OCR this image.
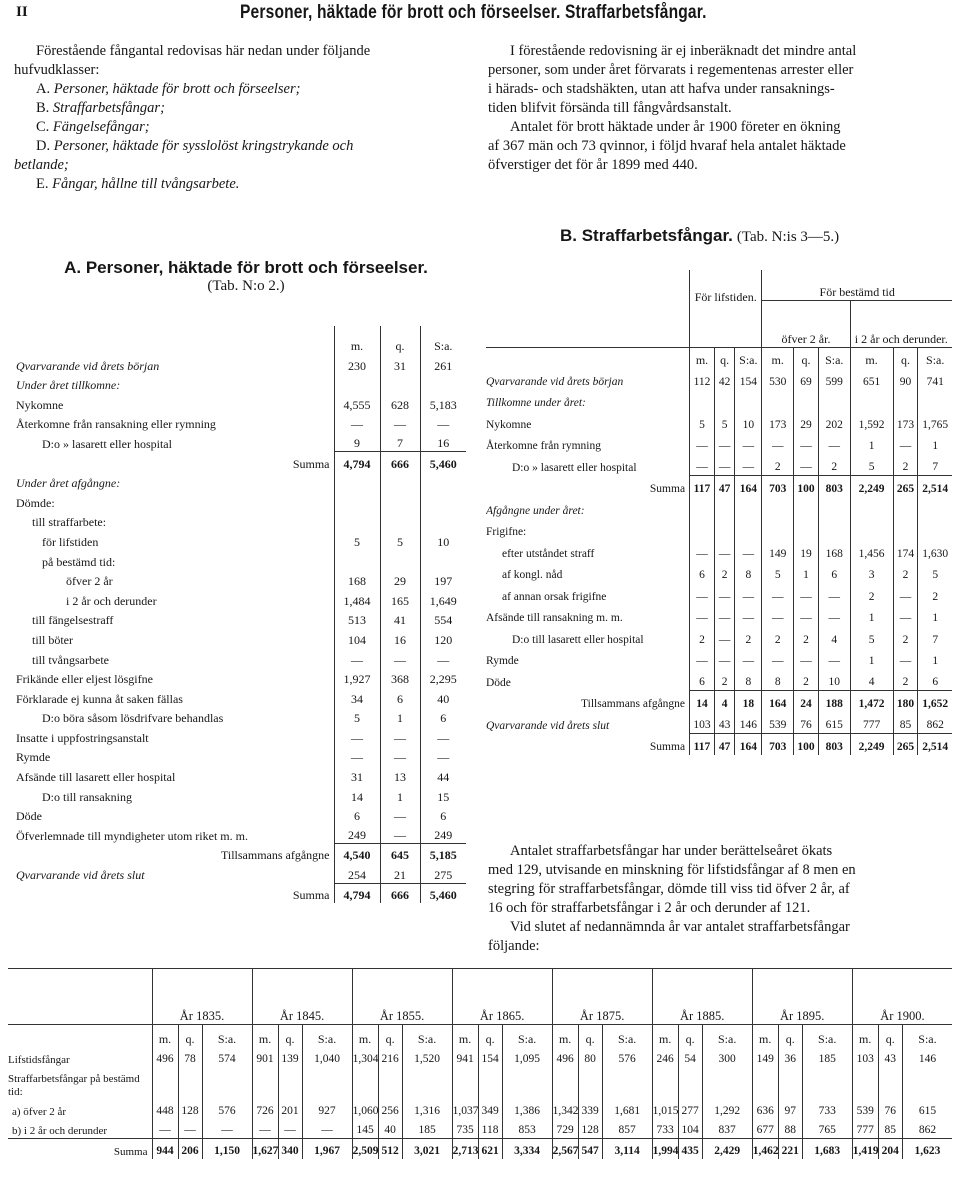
II	Personer, häktade för brott och förseelser. Straffarbetsfångar.
Förestående fångantal redovisas här nedan under följande
hufvudklasser:
A. Personer, häktade för brott och förseelser;
B. Straffarbetsfångar;
C. Fängelsefångar;
D. Personer, häktade för sysslolöst kringstrykande och
betlande;
E. Fångar, hållne till tvångsarbete.
I förestående redovisning är ej inberäknadt det mindre antal
personer, som under året förvarats i regementenas arrester eller
i härads- och stadshäkten, utan att hafva under ransaknings-
tiden blifvit försända till fångvårdsanstalt.
Antalet för brott häktade under år 1900 företer en ökning
af 367 män och 73 qvinnor, i följd hvaraf hela antalet häktade
öfverstiger det för år 1899 med 440.
A. Personer, häktade för brott och förseelser.
(Tab. N:o 2.)
B. Straffarbetsfångar. (Tab. N:is 3—5.)
	m.	q.	S:a.
Qvarvarande vid årets början	230	31	261
Under året tillkomne:			
Nykomne	4,555	628	5,183
Återkomne från ransakning eller rymning	—	—	—
D:o » lasarett eller hospital	9	7	16
Summa	4,794	666	5,460
Under året afgångne:			
Dömde:			
till straffarbete:			
för lifstiden	5	5	10
på bestämd tid:			
öfver 2 år	168	29	197
i 2 år och derunder	1,484	165	1,649
till fängelsestraff	513	41	554
till böter	104	16	120
till tvångsarbete	—	—	—
Frikände eller eljest lösgifne	1,927	368	2,295
Förklarade ej kunna åt saken fällas	34	6	40
D:o böra såsom lösdrifvare behandlas	5	1	6
Insatte i uppfostringsanstalt	—	—	—
Rymde	—	—	—
Afsände till lasarett eller hospital	31	13	44
D:o till ransakning	14	1	15
Döde	6	—	6
Öfverlemnade till myndigheter utom riket m. m.	249	—	249
Tillsammans afgångne	4,540	645	5,185
Qvarvarande vid årets slut	254	21	275
Summa	4,794	666	5,460
	För lifstiden.			För bestämd tid					
				öfver 2 år.			i 2 år och derunder.		
	m.	q.	S:a.	m.	q.	S:a.	m.	q.	S:a.
Qvarvarande vid årets början	112	42	154	530	69	599	651	90	741
Tillkomne under året:									
Nykomne	5	5	10	173	29	202	1,592	173	1,765
Återkomne från rymning	—	—	—	—	—	—	1	—	1
D:o » lasarett eller hospital	—	—	—	2	—	2	5	2	7
Summa	117	47	164	703	100	803	2,249	265	2,514
Afgångne under året:									
Frigifne:									
efter utståndet straff	—	—	—	149	19	168	1,456	174	1,630
af kongl. nåd	6	2	8	5	1	6	3	2	5
af annan orsak frigifne	—	—	—	—	—	—	2	—	2
Afsände till ransakning m. m.	—	—	—	—	—	—	1	—	1
D:o till lasarett eller hospital	2	—	2	2	2	4	5	2	7
Rymde	—	—	—	—	—	—	1	—	1
Döde	6	2	8	8	2	10	4	2	6
Tillsammans afgångne	14	4	18	164	24	188	1,472	180	1,652
Qvarvarande vid årets slut	103	43	146	539	76	615	777	85	862
Summa	117	47	164	703	100	803	2,249	265	2,514
Antalet straffarbetsfångar har under berättelseåret ökats
med 129, utvisande en minskning för lifstidsfångar af 8 men en
stegring för straffarbetsfångar, dömde till viss tid öfver 2 år, af
16 och för straffarbetsfångar i 2 år och derunder af 121.
Vid slutet af nedannämnda år var antalet straffarbetsfångar
följande:
	År 1835.			År 1845.			År 1855.			År 1865.			År 1875.			År 1885.			År 1895.			År 1900.		
	m.	q.	S:a.	m.	q.	S:a.	m.	q.	S:a.	m.	q.	S:a.	m.	q.	S:a.	m.	q.	S:a.	m.	q.	S:a.	m.	q.	S:a.
Lifstidsfångar	496	78	574	901	139	1,040	1,304	216	1,520	941	154	1,095	496	80	576	246	54	300	149	36	185	103	43	146
Straffarbetsfångar på bestämd tid:																								
a) öfver 2 år	448	128	576	726	201	927	1,060	256	1,316	1,037	349	1,386	1,342	339	1,681	1,015	277	1,292	636	97	733	539	76	615
b) i 2 år och derunder	—	—	—	—	—	—	145	40	185	735	118	853	729	128	857	733	104	837	677	88	765	777	85	862
Summa	944	206	1,150	1,627	340	1,967	2,509	512	3,021	2,713	621	3,334	2,567	547	3,114	1,994	435	2,429	1,462	221	1,683	1,419	204	1,623
